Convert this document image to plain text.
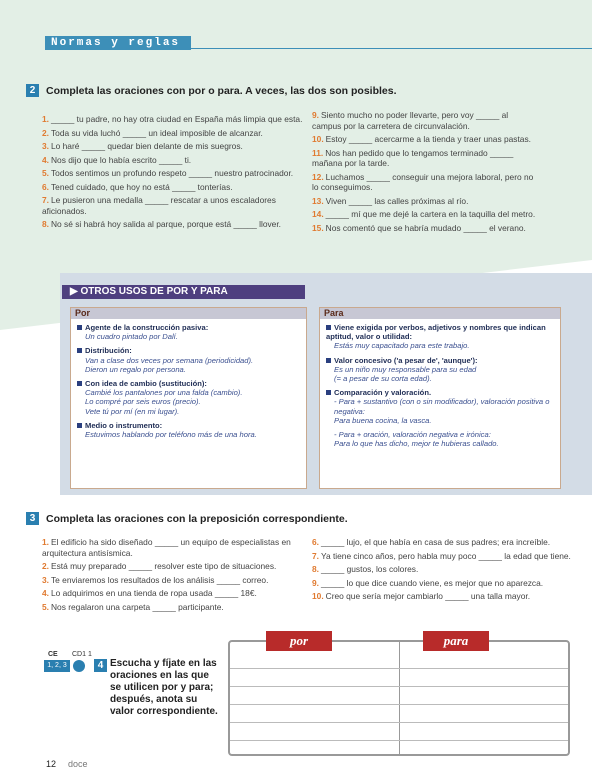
Normas y reglas
2	Completa las oraciones con por o para. A veces, las dos son posibles.
1. _____ tu padre, no hay otra ciudad en España más limpia que esta.
2. Toda su vida luchó _____ un ideal imposible de alcanzar.
3. Lo haré _____ quedar bien delante de mis suegros.
4. Nos dijo que lo había escrito _____ ti.
5. Todos sentimos un profundo respeto _____ nuestro patrocinador.
6. Tened cuidado, que hoy no está _____ tonterías.
7. Le pusieron una medalla _____ rescatar a unos escaladores aficionados.
8. No sé si habrá hoy salida al parque, porque está _____ llover.
9. Siento mucho no poder llevarte, pero voy _____ al campus por la carretera de circunvalación.
10. Estoy _____ acercarme a la tienda y traer unas pastas.
11. Nos han pedido que lo tengamos terminado _____ mañana por la tarde.
12. Luchamos _____ conseguir una mejora laboral, pero no lo conseguimos.
13. Viven _____ las calles próximas al río.
14. _____ mí que me dejé la cartera en la taquilla del metro.
15. Nos comentó que se habría mudado _____ el verano.
▶ OTROS USOS DE POR Y PARA
Por
Agente de la construcción pasiva:
Un cuadro pintado por Dalí.
Distribución:
Van a clase dos veces por semana (periodicidad).
Dieron un regalo por persona.
Con idea de cambio (sustitución):
Cambié los pantalones por una falda (cambio).
Lo compré por seis euros (precio).
Vete tú por mí (en mi lugar).
Medio o instrumento:
Estuvimos hablando por teléfono más de una hora.
Para
Viene exigida por verbos, adjetivos y nombres que indican aptitud, valor o utilidad:
Estás muy capacitado para este trabajo.
Valor concesivo ('a pesar de', 'aunque'):
Es un niño muy responsable para su edad
(= a pesar de su corta edad).
Comparación y valoración.
- Para + sustantivo (con o sin modificador), valoración positiva o negativa:
Para buena cocina, la vasca.
- Para + oración, valoración negativa e irónica:
Para lo que has dicho, mejor te hubieras callado.
3	Completa las oraciones con la preposición correspondiente.
1. El edificio ha sido diseñado _____ un equipo de especialistas en arquitectura antisísmica.
2. Está muy preparado _____ resolver este tipo de situaciones.
3. Te enviaremos los resultados de los análisis _____ correo.
4. Lo adquirimos en una tienda de ropa usada _____ 18€.
5. Nos regalaron una carpeta _____ participante.
6. _____ lujo, el que había en casa de sus padres; era increíble.
7. Ya tiene cinco años, pero habla muy poco _____ la edad que tiene.
8. _____ gustos, los colores.
9. _____ lo que dice cuando viene, es mejor que no aparezca.
10. Creo que sería mejor cambiarlo _____ una talla mayor.
CE
1, 2, 3
CD1 1
4 Escucha y fíjate en las oraciones en las que se utilicen por y para; después, anota su valor correspondiente.
por	para
12 doce
